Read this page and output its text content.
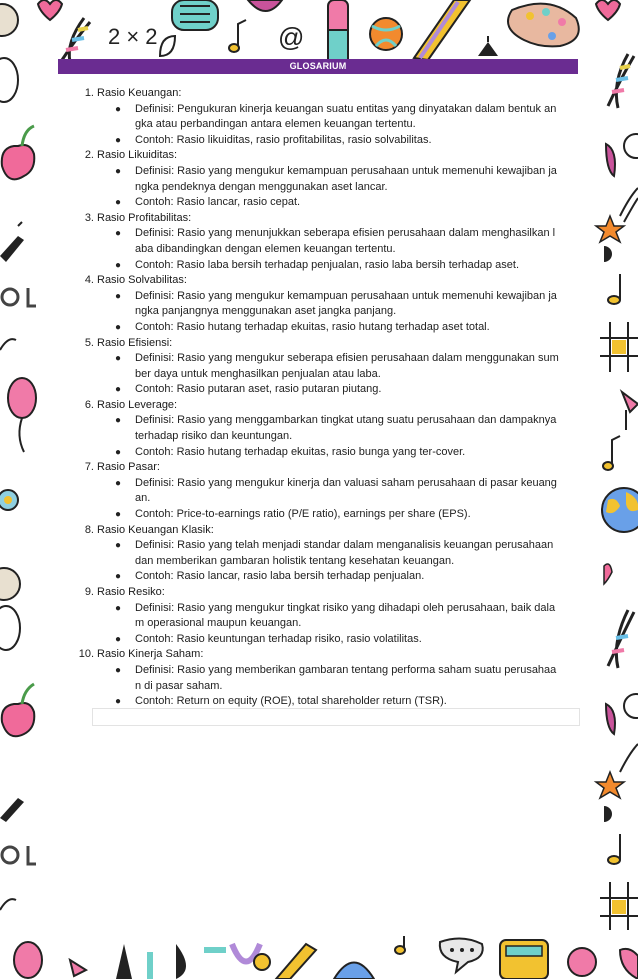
2 × 2	@
GLOSARIUM
1. Rasio Keuangan:
● Definisi: Pengukuran kinerja keuangan suatu entitas yang dinyatakan dalam bentuk an
gka atau perbandingan antara elemen keuangan tertentu.
● Contoh: Rasio likuiditas, rasio profitabilitas, rasio solvabilitas.
2. Rasio Likuiditas:
● Definisi: Rasio yang mengukur kemampuan perusahaan untuk memenuhi kewajiban ja
ngka pendeknya dengan menggunakan aset lancar.
● Contoh: Rasio lancar, rasio cepat.
3. Rasio Profitabilitas:
● Definisi: Rasio yang menunjukkan seberapa efisien perusahaan dalam menghasilkan l
aba dibandingkan dengan elemen keuangan tertentu.
● Contoh: Rasio laba bersih terhadap penjualan, rasio laba bersih terhadap aset.
4. Rasio Solvabilitas:
● Definisi: Rasio yang mengukur kemampuan perusahaan untuk memenuhi kewajiban ja
ngka panjangnya menggunakan aset jangka panjang.
● Contoh: Rasio hutang terhadap ekuitas, rasio hutang terhadap aset total.
5. Rasio Efisiensi:
● Definisi: Rasio yang mengukur seberapa efisien perusahaan dalam menggunakan sum
ber daya untuk menghasilkan penjualan atau laba.
● Contoh: Rasio putaran aset, rasio putaran piutang.
6. Rasio Leverage:
● Definisi: Rasio yang menggambarkan tingkat utang suatu perusahaan dan dampaknya
terhadap risiko dan keuntungan.
● Contoh: Rasio hutang terhadap ekuitas, rasio bunga yang ter-cover.
7. Rasio Pasar:
● Definisi: Rasio yang mengukur kinerja dan valuasi saham perusahaan di pasar keuang
an.
● Contoh: Price-to-earnings ratio (P/E ratio), earnings per share (EPS).
8. Rasio Keuangan Klasik:
● Definisi: Rasio yang telah menjadi standar dalam menganalisis keuangan perusahaan
dan memberikan gambaran holistik tentang kesehatan keuangan.
● Contoh: Rasio lancar, rasio laba bersih terhadap penjualan.
9. Rasio Resiko:
● Definisi: Rasio yang mengukur tingkat risiko yang dihadapi oleh perusahaan, baik dala
m operasional maupun keuangan.
● Contoh: Rasio keuntungan terhadap risiko, rasio volatilitas.
10. Rasio Kinerja Saham:
● Definisi: Rasio yang memberikan gambaran tentang performa saham suatu perusahaa
n di pasar saham.
● Contoh: Return on equity (ROE), total shareholder return (TSR).
